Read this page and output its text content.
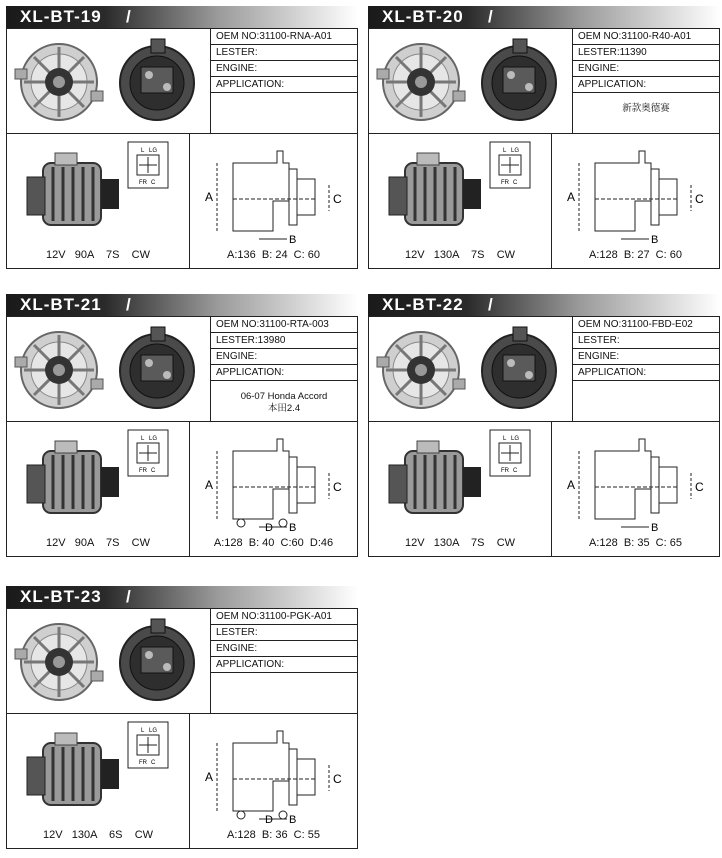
XL-BT-19 /
OEM NO:31100-RNA-A01
LESTER:
ENGINE:
APPLICATION:
L LG
FR C
A	C
B
12V   90A    7S    CW	A:136  B: 24  C: 60
XL-BT-20 /
OEM NO:31100-R40-A01
LESTER:11390
ENGINE:
APPLICATION:
新款奥德赛
L LG
FR C
A	C
B
12V   130A    7S    CW	A:128  B: 27  C: 60
XL-BT-21 /
OEM NO:31100-RTA-003
LESTER:13980
ENGINE:
APPLICATION:
06-07 Honda Accord
本田2.4
L LG
FR C
A	C
B
D
12V   90A    7S    CW	A:128  B: 40  C:60  D:46
XL-BT-22 /
OEM NO:31100-FBD-E02
LESTER:
ENGINE:
APPLICATION:
L LG
FR C
A	C
B
12V   130A    7S    CW	A:128  B: 35  C: 65
XL-BT-23 /
OEM NO:31100-PGK-A01
LESTER:
ENGINE:
APPLICATION:
L LG
FR C
A	C
B
D
12V   130A    6S    CW	A:128  B: 36  C: 55
